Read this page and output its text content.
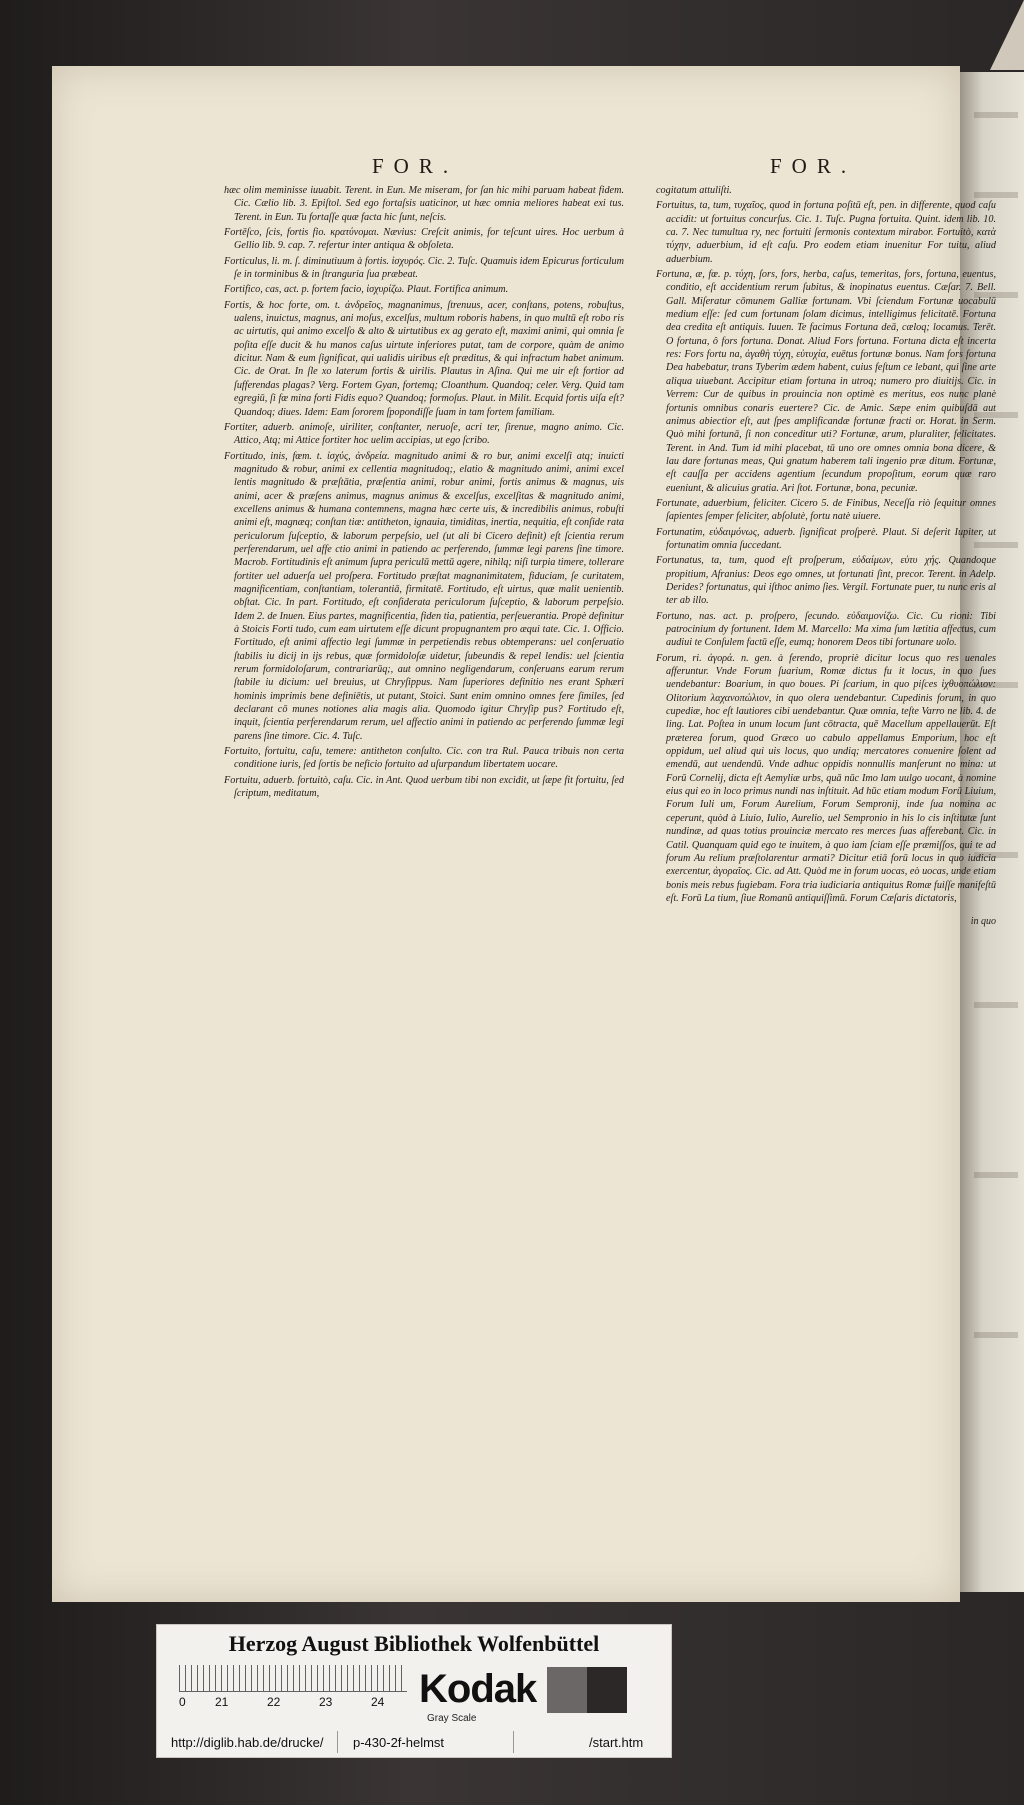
FOR.	FOR.

hæc olim meminisse iuuabit. Terent. in Eun. Me miseram, for ſan hic mihi paruam habeat fidem. Cic. Cælio lib. 3. Epiſtol. Sed ego fortaſsis uaticinor, ut hæc omnia meliores habeat exi tus. Terent. in Eun. Tu fortaſſe quæ facta hic ſunt, neſcis.

Fortēſco, ſcis, fortis fio. κρατύνομαι. Nævius: Creſcit animis, for teſcunt uires. Hoc uerbum à Gellio lib. 9. cap. 7. refertur inter antiqua & obſoleta.

Forticulus, li. m. ſ. diminutiuum à fortis. ἰσχυρός. Cic. 2. Tuſc. Quamuis idem Epicurus forticulum ſe in torminibus & in ſtranguria ſua præbeat.

Fortifico, cas, act. p. fortem facio, ἰσχυρίζω. Plaut. Fortifica animum.

Fortis, & hoc forte, om. t. ἀνδρεῖος, magnanimus, ſtrenuus, acer, conſtans, potens, robuſtus, ualens, inuictus, magnus, ani moſus, excelſus, multum roboris habens, in quo multū eſt robo ris ac uirtutis, qui animo excelſo & alto & uirtutibus ex ag gerato eſt, maximi animi, qui omnia ſe poſita eſſe ducit & hu manos caſus uirtute inferiores putat, tam de corpore, quàm de animo dicitur. Nam & eum ſignificat, qui ualidis uiribus eſt præditus, & qui infractum habet animum. Cic. de Orat. In ſle xo laterum fortis & uirilis. Plautus in Aſina. Qui me uir eſt fortior ad ſufferendas plagas? Verg. Fortem Gyan, fortemq; Cloanthum. Quandoq; celer. Verg. Quid tam egregiū, ſi fœ mina forti Fidis equo? Quandoq; formoſus. Plaut. in Milit. Ecquid fortis uiſa eſt? Quandoq; diues. Idem: Eam ſororem ſpopondiſſe ſuam in tam fortem familiam.

Fortiter, aduerb. animoſe, uiriliter, conſtanter, neruoſe, acri ter, ſirenue, magno animo. Cic. Attico, Atq; mi Attice fortiter hoc uelim accipias, ut ego ſcribo.

Fortitudo, inis, fœm. t. ἰσχύς, ἀνδρεία. magnitudo animi & ro bur, animi excelſi atq; inuicti magnitudo & robur, animi ex cellentia magnitudoq;, elatio & magnitudo animi, animi excel lentis magnitudo & præſtātia, præſentia animi, robur animi, fortis animus & magnus, uis animi, acer & præſens animus, magnus animus & excelſus, excelſitas & magnitudo animi, excellens animus & humana contemnens, magna hæc certe uis, & incredibilis animus, robuſti animi eſt, magnæq; conſtan tiæ: antitheton, ignauia, timiditas, inertia, nequitia, eſt conſide rata periculorum ſuſceptio, & laborum perpeſsio, uel (ut ali bi Cicero definit) eſt ſcientia rerum perferendarum, uel affe ctio animi in patiendo ac perferendo, ſummæ legi parens ſine timore. Macrob. Fortitudinis eſt animum ſupra periculū mettū agere, nihilq; niſi turpia timere, tollerare fortiter uel aduerſa uel proſpera. Fortitudo præſtat magnanimitatem, fiduciam, ſe curitatem, magnificentiam, conſtantiam, tolerantiā, firmitatē. Fortitudo, eſt uirtus, quæ malit uenientib. obſtat. Cic. In part. Fortitudo, eſt conſiderata periculorum ſuſceptio, & laborum perpeſsio. Idem 2. de Inuen. Eius partes, magnificentia, fiden tia, patientia, perſeuerantia. Propè definitur à Stoicis Forti tudo, cum eam uirtutem eſſe dicunt propugnantem pro æqui tate. Cic. 1. Officio. Fortitudo, eſt animi affectio legi ſummæ in perpetiendis rebus obtemperans: uel conſeruatio ſtabilis iu dicij in ijs rebus, quæ formidoloſæ uidetur, ſubeundis & repel lendis: uel ſcientia rerum formidoloſarum, contrariarūq;, aut omnino negligendarum, conſeruans earum rerum ſtabile iu dicium: uel breuius, ut Chryſippus. Nam ſuperiores definitio nes erant Sphæri hominis imprimis bene definiētis, ut putant, Stoici. Sunt enim omnino omnes fere ſimiles, ſed declarant cō munes notiones alia magis alia. Quomodo igitur Chryſip pus? Fortitudo eſt, inquit, ſcientia perferendarum rerum, uel affectio animi in patiendo ac perferendo ſummæ legi parens ſine timore. Cic. 4. Tuſc.

Fortuito, fortuitu, caſu, temere: antitheton conſulto. Cic. con tra Rul. Pauca tribuis non certa conditione iuris, ſed ſortis be neficio fortuito ad uſurpandum libertatem uocare.

Fortuitu, aduerb. fortuitò, caſu. Cic. in Ant. Quod uerbum tibi non excidit, ut ſæpe fit fortuitu, ſed ſcriptum, meditatum,

cogitatum attuliſti.

Fortuitus, ta, tum, τυχαῖος, quod in fortuna poſitū eſt, pen. in differente, quod caſu accidit: ut fortuitus concurſus. Cic. 1. Tuſc. Pugna fortuita. Quint. idem lib. 10. ca. 7. Nec tumultua ry, nec fortuiti ſermonis contextum mirabor. Fortuitò, κατὰ τύχην, aduerbium, id eſt caſu. Pro eodem etiam inuenitur For tuitu, aliud aduerbium.

Fortuna, æ, fœ. p. τύχη, ſors, fors, herba, caſus, temeritas, fors, fortuna, euentus, conditio, eſt accidentium rerum ſubitus, & inopinatus euentus. Cæſar. 7. Bell. Gall. Miſeratur cōmunem Galliæ fortunam. Vbi ſciendum Fortunæ uocabulū medium eſſe: ſed cum fortunam ſolam dicimus, intelligimus felicitatē. Fortuna dea credita eſt antiquis. Iuuen. Te facimus Fortuna deā, cæloq; locamus. Terēt. O fortuna, ô fors fortuna. Donat. Aliud Fors fortuna. Fortuna dicta eſt incerta res: Fors fortu na, ἀγαθὴ τύχη, εὐτυχία, euētus fortunæ bonus. Nam fors fortuna Dea habebatur, trans Tyberim ædem habent, cuius feſtum ce lebant, qui ſine arte aliqua uiuebant. Accipitur etiam fortuna in utroq; numero pro diuitijs. Cic. in Verrem: Cur de quibus in prouincia non optimè es meritus, eos nunc planè fortunis omnibus conaris euertere? Cic. de Amic. Sæpe enim quibuſdā aut animus abiectior eſt, aut ſpes amplificandæ fortunæ fracti or. Horat. in Serm. Quò mihi fortunā, ſi non conceditur uti? Fortunæ, arum, pluraliter, felicitates. Terent. in And. Tum id mihi placebat, tū uno ore omnes omnia bona dicere, & lau dare fortunas meas, Qui gnatum haberem tali ingenio præ ditum. Fortunæ, eſt cauſſa per accidens agentium ſecundum propoſitum, eorum quæ raro eueniunt, & alicuius gratia. Ari ſtot. Fortunæ, bona, pecuniæ.

Fortunate, aduerbium, feliciter. Cicero 5. de Finibus, Neceſſa riò ſequitur omnes ſapientes ſemper feliciter, abſolutè, fortu natè uiuere.

Fortunatim, εὐδαιμόνως, aduerb. ſignificat proſperè. Plaut. Si deſerit Iupiter, ut fortunatim omnia ſuccedant.

Fortunatus, ta, tum, quod eſt proſperum, εὐδαίμων, εὐτυ χής. Quandoque propitium, Afranius: Deos ego omnes, ut fortunati ſint, precor. Terent. in Adelp. Derides? fortunatus, qui iſthoc animo ſies. Vergil. Fortunate puer, tu nunc eris al ter ab illo.

Fortuno, nas. act. p. proſpero, ſecundo. εὐδαιμονίζω. Cic. Cu rioni: Tibi patrocinium dy fortunent. Idem M. Marcello: Ma xima ſum lætitia affectus, cum audiui te Conſulem factū eſſe, eumq; honorem Deos tibi fortunare uolo.

Forum, ri. ἀγορά. n. gen. à ferendo, propriè dicitur locus quo res uenales afferuntur. Vnde Forum ſuarium, Romæ dictus fu it locus, in quo ſues uendebantur: Boarium, in quo boues. Pi ſcarium, in quo piſces ἰχθυοπώλιον: Olitorium λαχανοπώλιον, in quo olera uendebantur. Cupedinis forum, in quo cupediæ, hoc eſt lautiores cibi uendebantur. Quæ omnia, teſte Varro ne lib. 4. de ling. Lat. Poſtea in unum locum ſunt cōtracta, quē Macellum appellauerūt. Eſt præterea forum, quod Græco uo cabulo appellamus Emporium, hoc eſt oppidum, uel aliud qui uis locus, quo undiq; mercatores conuenire ſolent ad emendū, aut uendendū. Vnde adhuc oppidis nonnullis manſerunt no mina: ut Forū Cornelij, dicta eſt Aemyliæ urbs, quā nūc Imo lam uulgo uocant, à nomine eius qui eo in loco primus nundi nas inſtituit. Ad hūc etiam modum Forū Liuium, Forum Iuli um, Forum Aurelium, Forum Sempronij, inde ſua nomina ac ceperunt, quòd à Liuio, Iulio, Aurelio, uel Sempronio in his lo cis inſtitutæ ſunt nundinæ, ad quas totius prouinciæ mercato res merces ſuas afferebant. Cic. in Catil. Quanquam quid ego te inuitem, à quo iam ſciam eſſe præmiſſos, qui te ad forum Au relium præſtolarentur armati? Dicitur etiā forū locus in quo iudicia exercentur, ἀγοραῖος. Cic. ad Att. Quòd me in forum uocas, eò uocas, unde etiam bonis meis rebus fugiebam. Fora tria iudiciaria antiquitus Romæ fuiſſe manifeſtū eſt. Forū La tium, ſiue Romanū antiquiſſimū. Forum Cæſaris dictatoris,

in quo

Herzog August Bibliothek Wolfenbüttel
0 21	22	23	24 Kodak
Gray Scale
http://diglib.hab.de/drucke/ p-430-2f-helmst	/start.htm
